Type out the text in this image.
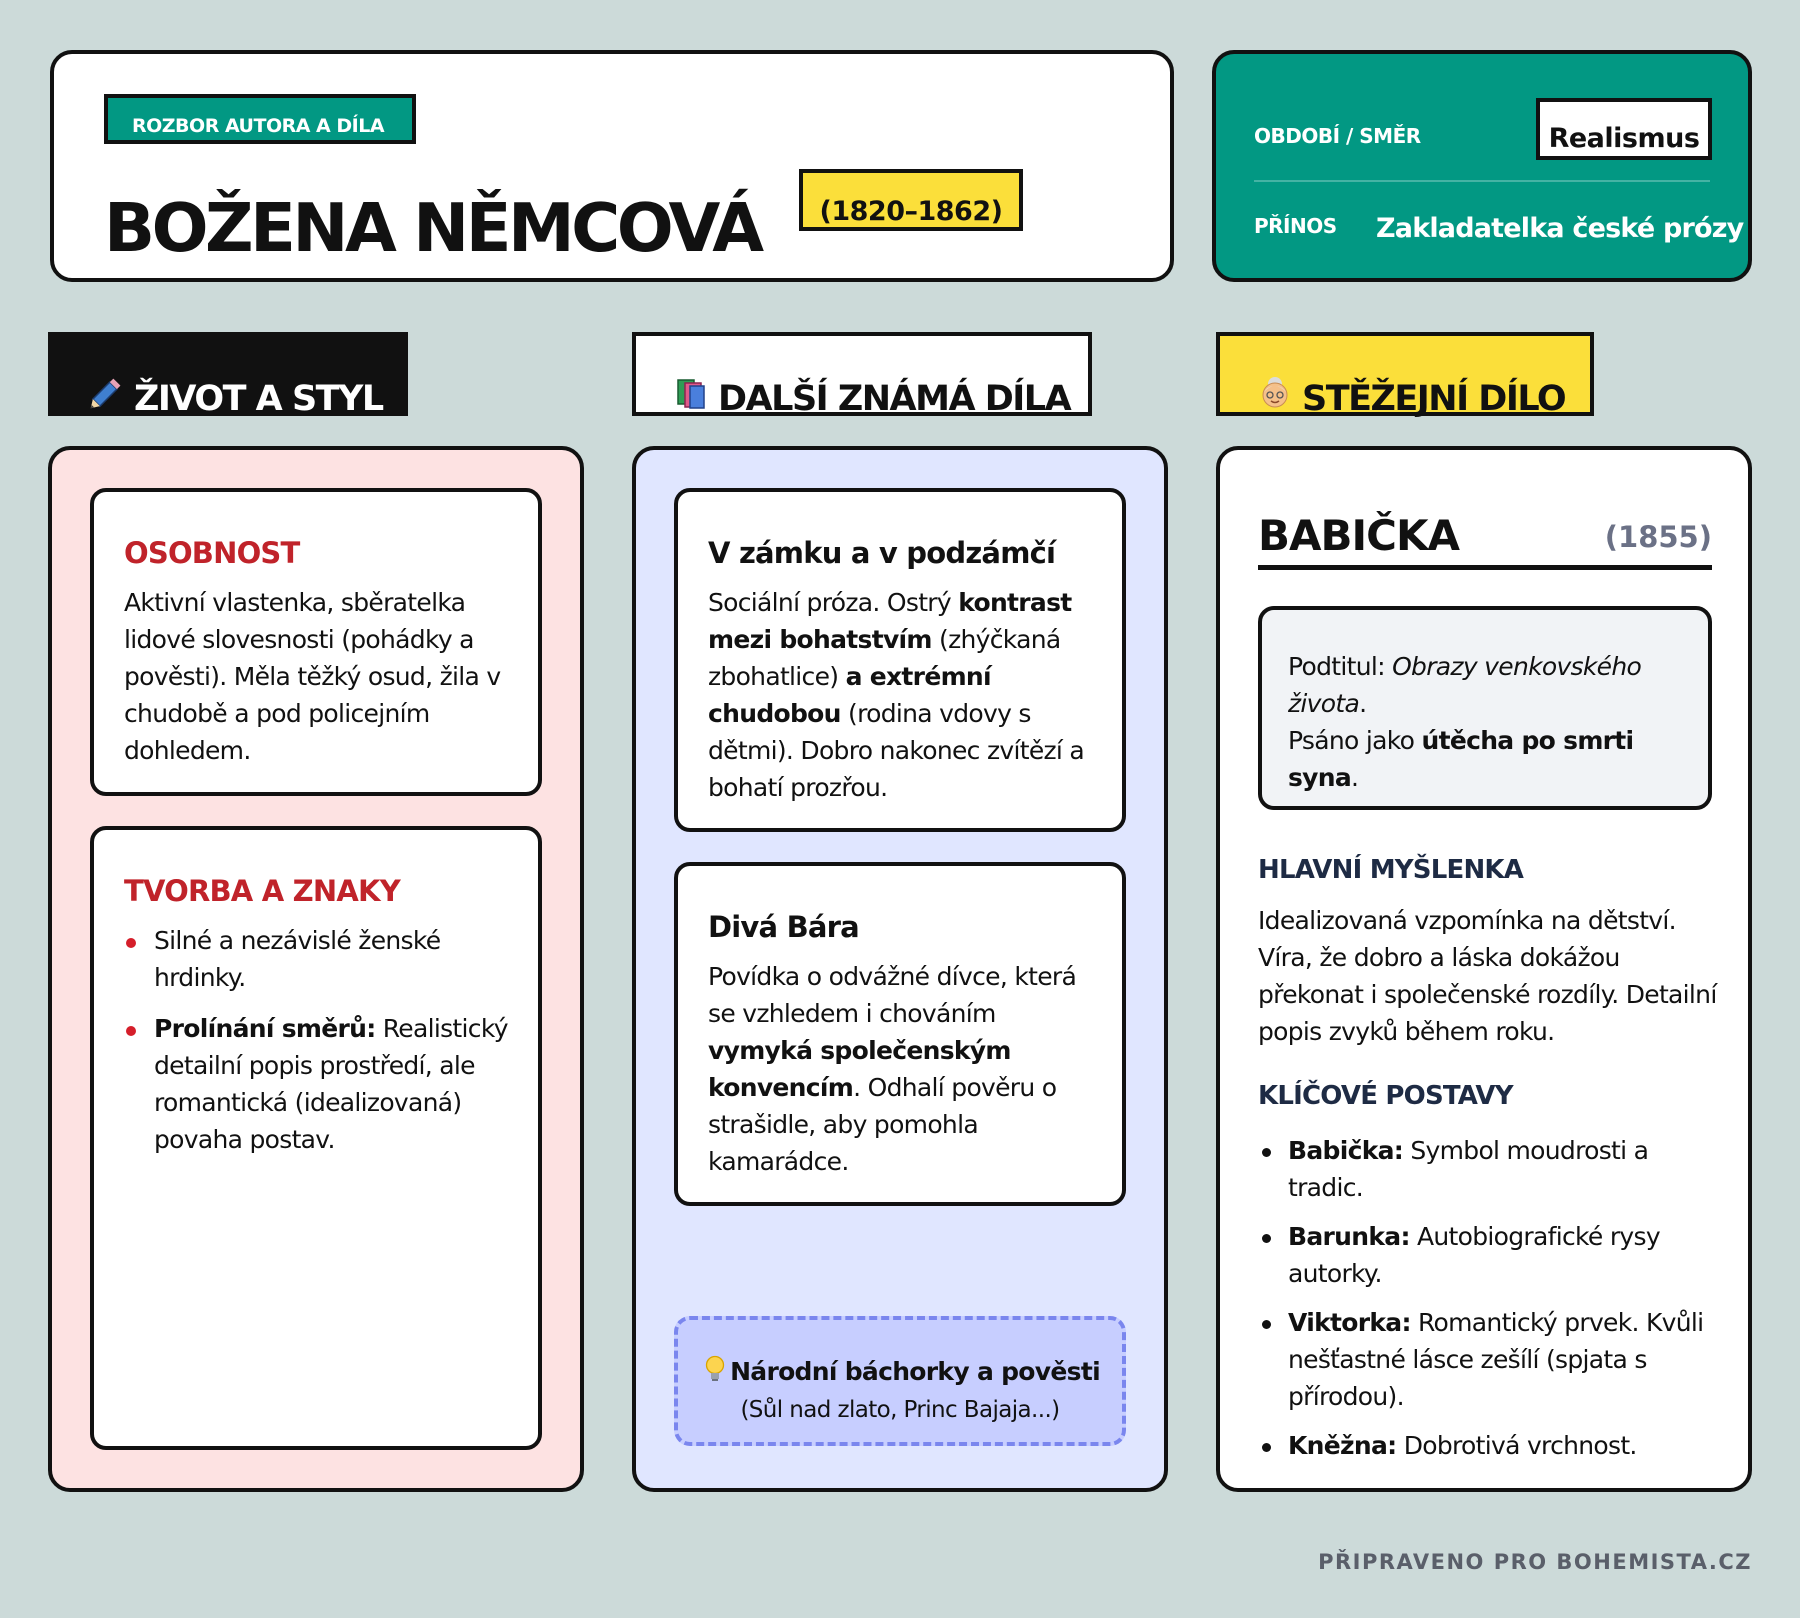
ROZBOR AUTORA A DÍLA
BOŽENA NĚMCOVÁ	(1820–1862)
OBDOBÍ / SMĚR	Realismus
PŘÍNOS Zakladatelka české prózy
ŽIVOT A STYL	DALŠÍ ZNÁMÁ DÍLA	STĚŽEJNÍ DÍLO
OSOBNOST

Aktivní vlastenka, sběratelka lidové slovesnosti (pohádky a pověsti). Měla těžký osud, žila v chudobě a pod policejním dohledem.

TVORBA A ZNAKY
Silné a nezávislé ženské hrdinky.
Prolínání směrů: Realistický detailní popis prostředí, ale romantická (idealizovaná) povaha postav.
V zámku a v podzámčí

Sociální próza. Ostrý kontrast mezi bohatstvím (zhýčkaná zbohatlice) a extrémní chudobou (rodina vdovy s dětmi). Dobro nakonec zvítězí a bohatí prozřou.

Divá Bára

Povídka o odvážné dívce, která se vzhledem i chováním vymyká společenským konvencím. Odhalí pověru o strašidle, aby pomohla kamarádce.

Národní báchorky a pověsti
(Sůl nad zlato, Princ Bajaja...)
BABIČKA	(1855)
Podtitul: Obrazy venkovského života.
Psáno jako útěcha po smrti syna.
HLAVNÍ MYŠLENKA
Idealizovaná vzpomínka na dětství. Víra, že dobro a láska dokážou překonat i společenské rozdíly. Detailní popis zvyků během roku.
KLÍČOVÉ POSTAVY
Babička: Symbol moudrosti a tradic.
Barunka: Autobiografické rysy autorky.
Viktorka: Romantický prvek. Kvůli nešťastné lásce zešílí (spjata s přírodou).
Kněžna: Dobrotivá vrchnost.
PŘIPRAVENO PRO BOHEMISTA.CZ
